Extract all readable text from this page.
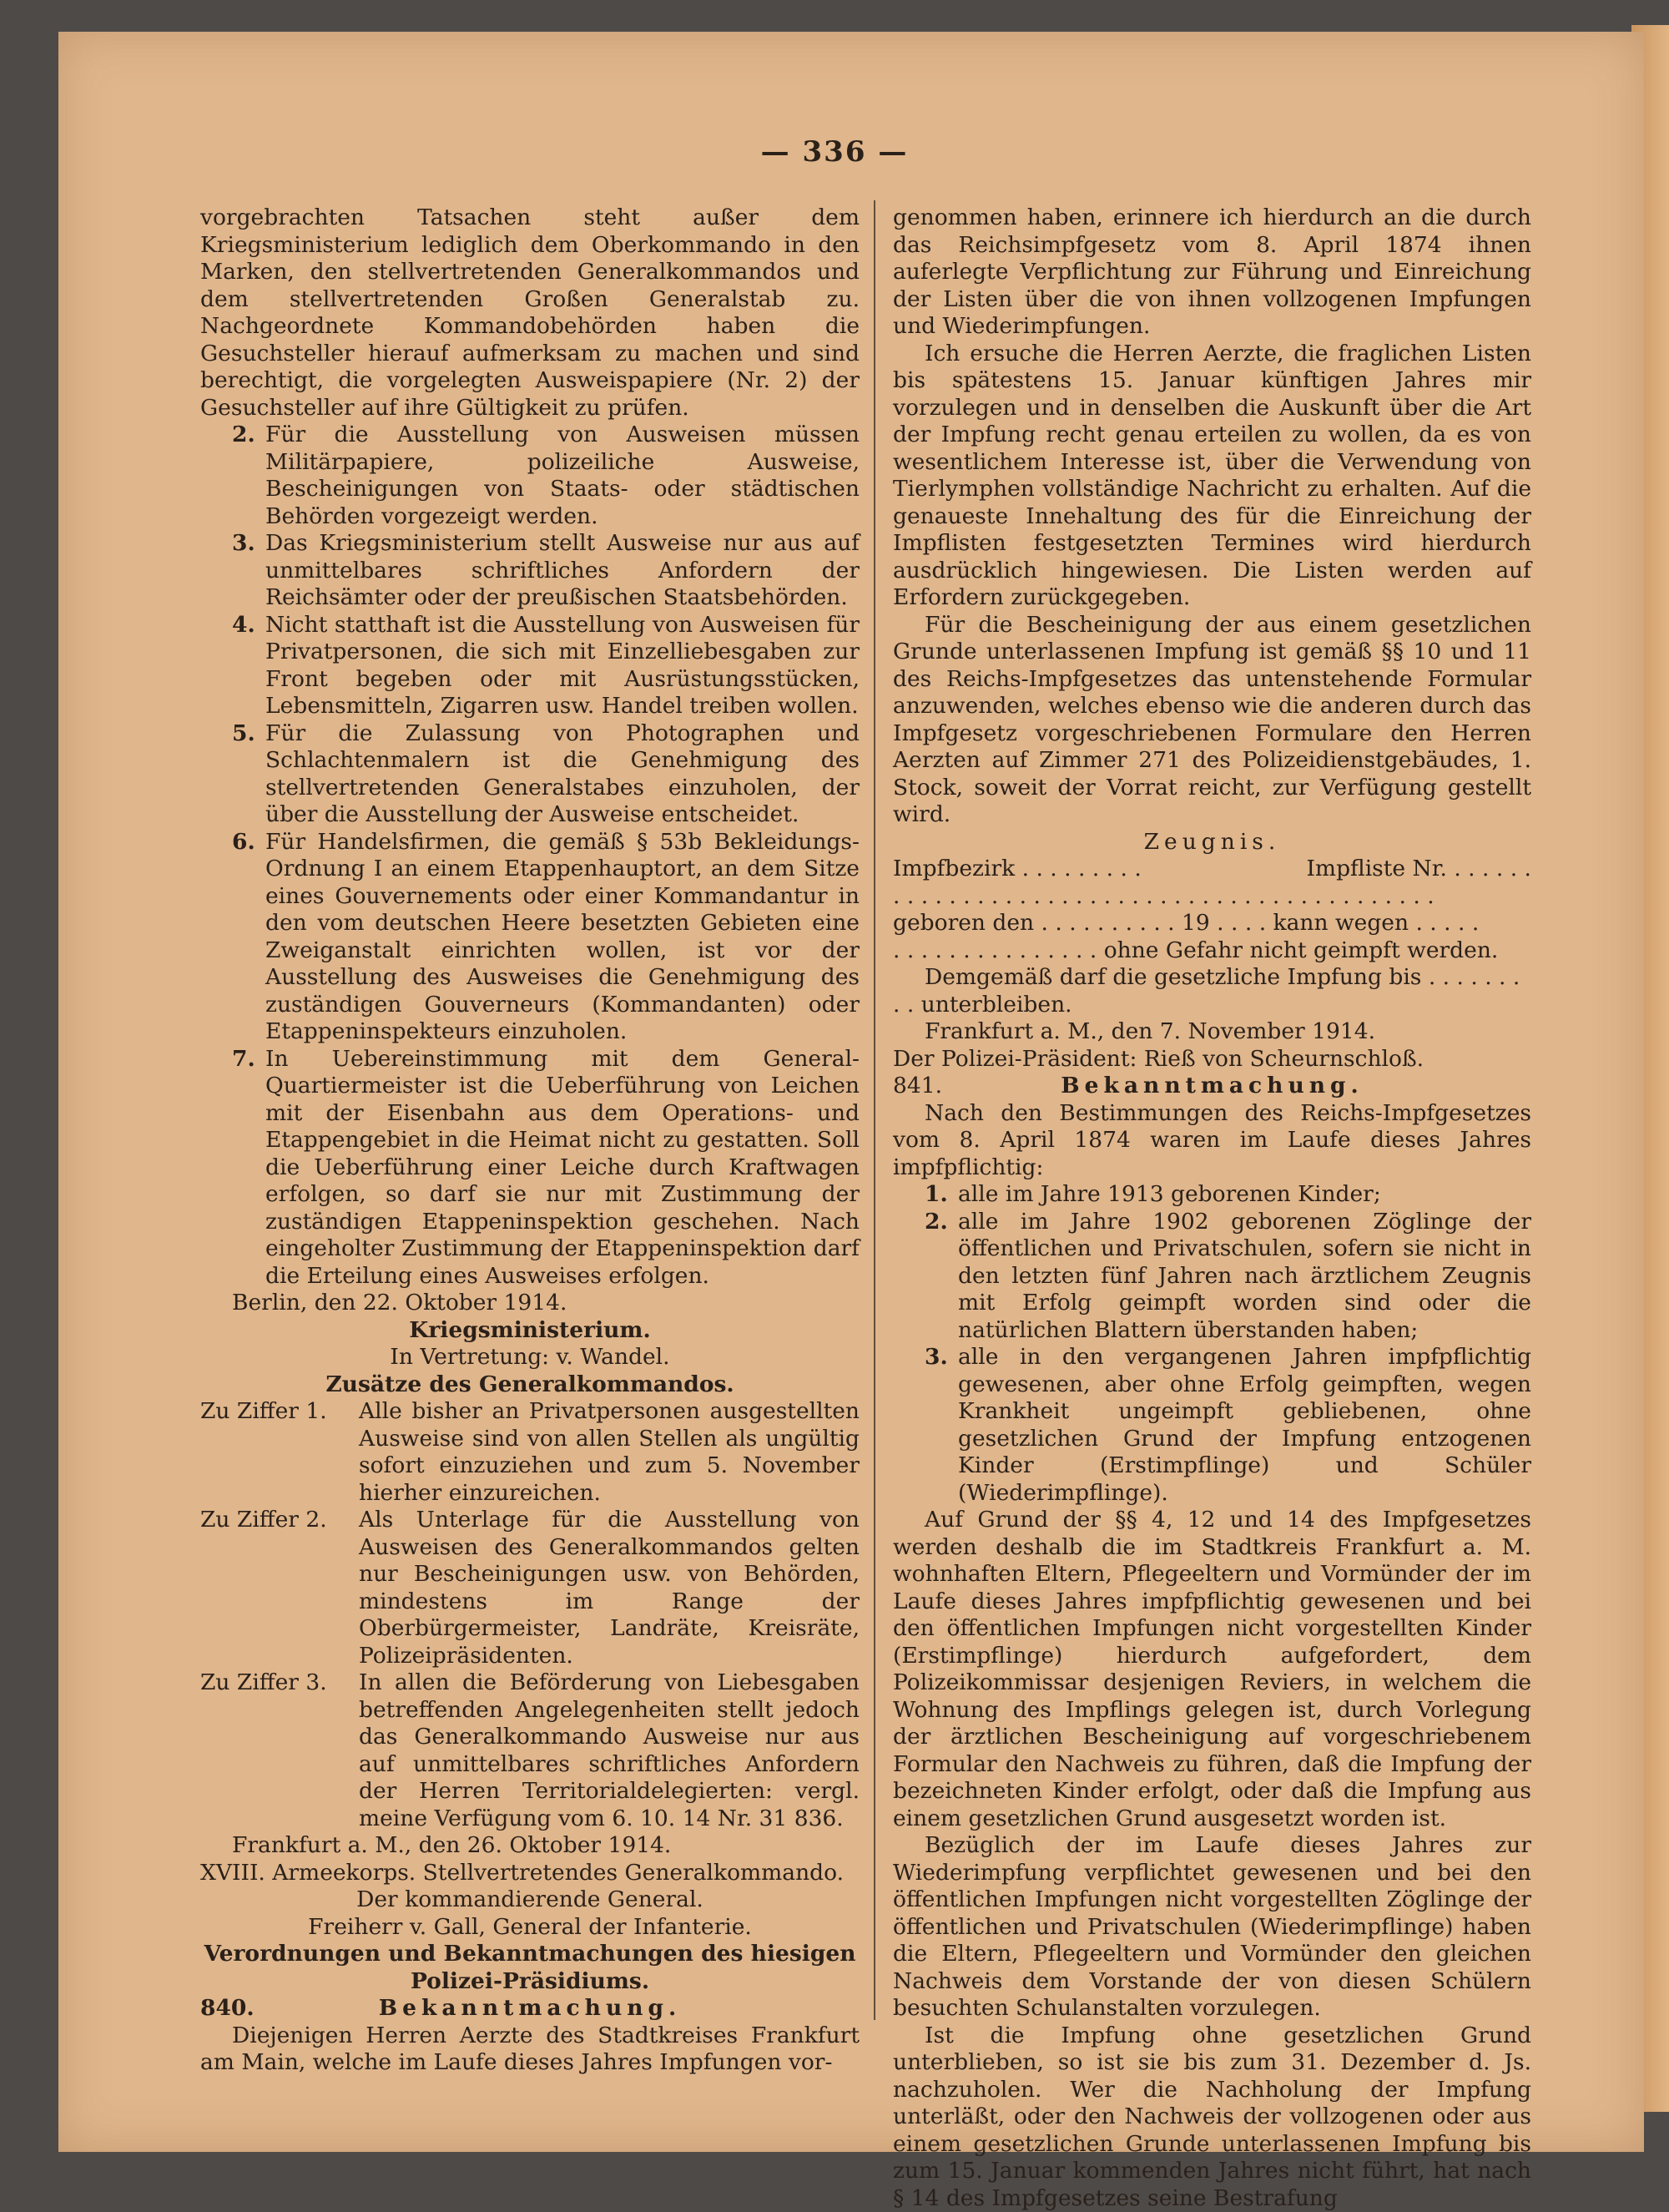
— 336 —

vorgebrachten Tatsachen steht außer dem Kriegsministerium lediglich dem Oberkommando in den Marken, den stellvertretenden Generalkommandos und dem stellvertretenden Großen Generalstab zu. Nachgeordnete Kommandobehörden haben die Gesuchsteller hierauf aufmerksam zu machen und sind berechtigt, die vorgelegten Ausweispapiere (Nr. 2) der Gesuchsteller auf ihre Gültigkeit zu prüfen.

2. Für die Ausstellung von Ausweisen müssen Militärpapiere, polizeiliche Ausweise, Bescheinigungen von Staats- oder städtischen Behörden vorgezeigt werden.
3. Das Kriegsministerium stellt Ausweise nur aus auf unmittelbares schriftliches Anfordern der Reichsämter oder der preußischen Staatsbehörden.
4. Nicht statthaft ist die Ausstellung von Ausweisen für Privatpersonen, die sich mit Einzelliebesgaben zur Front begeben oder mit Ausrüstungsstücken, Lebensmitteln, Zigarren usw. Handel treiben wollen.
5. Für die Zulassung von Photographen und Schlachtenmalern ist die Genehmigung des stellvertretenden Generalstabes einzuholen, der über die Ausstellung der Ausweise entscheidet.
6. Für Handelsfirmen, die gemäß § 53b Bekleidungs-Ordnung I an einem Etappenhauptort, an dem Sitze eines Gouvernements oder einer Kommandantur in den vom deutschen Heere besetzten Gebieten eine Zweiganstalt einrichten wollen, ist vor der Ausstellung des Ausweises die Genehmigung des zuständigen Gouverneurs (Kommandanten) oder Etappeninspekteurs einzuholen.
7. In Uebereinstimmung mit dem General-Quartiermeister ist die Ueberführung von Leichen mit der Eisenbahn aus dem Operations- und Etappengebiet in die Heimat nicht zu gestatten. Soll die Ueberführung einer Leiche durch Kraftwagen erfolgen, so darf sie nur mit Zustimmung der zuständigen Etappeninspektion geschehen. Nach eingeholter Zustimmung der Etappeninspektion darf die Erteilung eines Ausweises erfolgen.

Berlin, den 22. Oktober 1914.

Kriegsministerium.

In Vertretung: v. Wandel.

Zusätze des Generalkommandos.

Zu Ziffer 1. Alle bisher an Privatpersonen ausgestellten Ausweise sind von allen Stellen als ungültig sofort einzuziehen und zum 5. November hierher einzureichen.
Zu Ziffer 2. Als Unterlage für die Ausstellung von Ausweisen des Generalkommandos gelten nur Bescheinigungen usw. von Behörden, mindestens im Range der Oberbürgermeister, Landräte, Kreisräte, Polizeipräsidenten.
Zu Ziffer 3. In allen die Beförderung von Liebesgaben betreffenden Angelegenheiten stellt jedoch das Generalkommando Ausweise nur aus auf unmittelbares schriftliches Anfordern der Herren Territorialdelegierten: vergl. meine Verfügung vom 6. 10. 14 Nr. 31 836.

Frankfurt a. M., den 26. Oktober 1914.

XVIII. Armeekorps. Stellvertretendes Generalkommando.

Der kommandierende General.

Freiherr v. Gall, General der Infanterie.

Verordnungen und Bekanntmachungen des hiesigen Polizei-Präsidiums.

840.	Bekanntmachung.

Diejenigen Herren Aerzte des Stadtkreises Frankfurt am Main, welche im Laufe dieses Jahres Impfungen vor-

genommen haben, erinnere ich hierdurch an die durch das Reichsimpfgesetz vom 8. April 1874 ihnen auferlegte Verpflichtung zur Führung und Einreichung der Listen über die von ihnen vollzogenen Impfungen und Wiederimpfungen.

Ich ersuche die Herren Aerzte, die fraglichen Listen bis spätestens 15. Januar künftigen Jahres mir vorzulegen und in denselben die Auskunft über die Art der Impfung recht genau erteilen zu wollen, da es von wesentlichem Interesse ist, über die Verwendung von Tierlymphen vollständige Nachricht zu erhalten. Auf die genaueste Innehaltung des für die Einreichung der Impflisten festgesetzten Termines wird hierdurch ausdrücklich hingewiesen. Die Listen werden auf Erfordern zurückgegeben.

Für die Bescheinigung der aus einem gesetzlichen Grunde unterlassenen Impfung ist gemäß §§ 10 und 11 des Reichs-Impfgesetzes das untenstehende Formular anzuwenden, welches ebenso wie die anderen durch das Impfgesetz vorgeschriebenen Formulare den Herren Aerzten auf Zimmer 271 des Polizeidienstgebäudes, 1. Stock, soweit der Vorrat reicht, zur Verfügung gestellt wird.

Zeugnis.

Impfbezirk . . . . . . . . .	Impfliste Nr. . . . . . .

. . . . . . . . . . . . . . . . . . . . . . . . . . . . . . . . . . . . . . .

geboren den . . . . . . . . . . 19 . . . . kann wegen . . . . .

. . . . . . . . . . . . . . . ohne Gefahr nicht geimpft werden.

Demgemäß darf die gesetzliche Impfung bis . . . . . . . . . unterbleiben.

Frankfurt a. M., den 7. November 1914.

Der Polizei-Präsident: Rieß von Scheurnschloß.

841.	Bekanntmachung.

Nach den Bestimmungen des Reichs-Impfgesetzes vom 8. April 1874 waren im Laufe dieses Jahres impfpflichtig:

1. alle im Jahre 1913 geborenen Kinder;
2. alle im Jahre 1902 geborenen Zöglinge der öffentlichen und Privatschulen, sofern sie nicht in den letzten fünf Jahren nach ärztlichem Zeugnis mit Erfolg geimpft worden sind oder die natürlichen Blattern überstanden haben;
3. alle in den vergangenen Jahren impfpflichtig gewesenen, aber ohne Erfolg geimpften, wegen Krankheit ungeimpft gebliebenen, ohne gesetzlichen Grund der Impfung entzogenen Kinder (Erstimpflinge) und Schüler (Wiederimpflinge).

Auf Grund der §§ 4, 12 und 14 des Impfgesetzes werden deshalb die im Stadtkreis Frankfurt a. M. wohnhaften Eltern, Pflegeeltern und Vormünder der im Laufe dieses Jahres impfpflichtig gewesenen und bei den öffentlichen Impfungen nicht vorgestellten Kinder (Erstimpflinge) hierdurch aufgefordert, dem Polizeikommissar desjenigen Reviers, in welchem die Wohnung des Impflings gelegen ist, durch Vorlegung der ärztlichen Bescheinigung auf vorgeschriebenem Formular den Nachweis zu führen, daß die Impfung der bezeichneten Kinder erfolgt, oder daß die Impfung aus einem gesetzlichen Grund ausgesetzt worden ist.

Bezüglich der im Laufe dieses Jahres zur Wiederimpfung verpflichtet gewesenen und bei den öffentlichen Impfungen nicht vorgestellten Zöglinge der öffentlichen und Privatschulen (Wiederimpflinge) haben die Eltern, Pflegeeltern und Vormünder den gleichen Nachweis dem Vorstande der von diesen Schülern besuchten Schulanstalten vorzulegen.

Ist die Impfung ohne gesetzlichen Grund unterblieben, so ist sie bis zum 31. Dezember d. Js. nachzuholen. Wer die Nachholung der Impfung unterläßt, oder den Nachweis der vollzogenen oder aus einem gesetzlichen Grunde unterlassenen Impfung bis zum 15. Januar kommenden Jahres nicht führt, hat nach § 14 des Impfgesetzes seine Bestrafung
